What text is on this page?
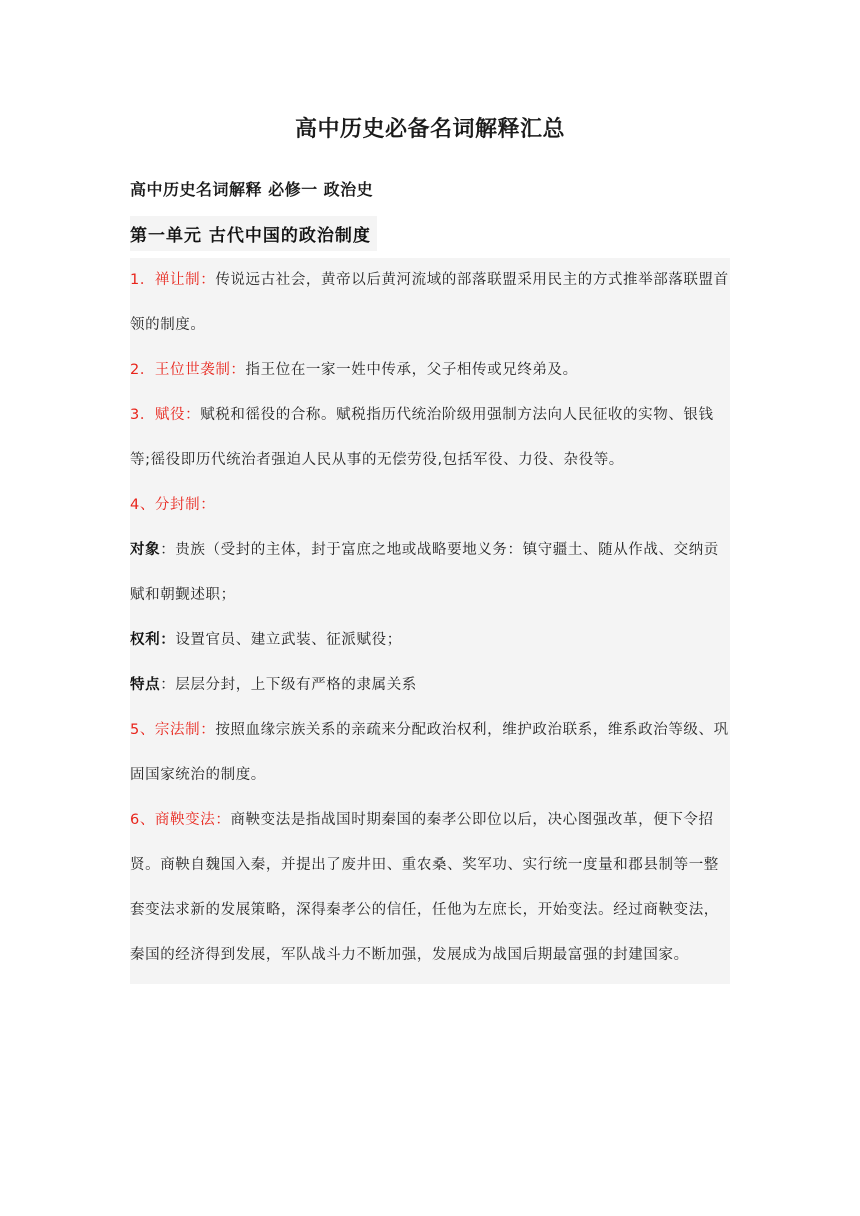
高中历史必备名词解释汇总
高中历史名词解释 必修一 政治史
第一单元 古代中国的政治制度

1．禅让制：传说远古社会，黄帝以后黄河流域的部落联盟采用民主的方式推举部落联盟首领的制度。

2．王位世袭制：指王位在一家一姓中传承，父子相传或兄终弟及。

3．赋役：赋税和徭役的合称。赋税指历代统治阶级用强制方法向人民征收的实物、银钱等;徭役即历代统治者强迫人民从事的无偿劳役,包括军役、力役、杂役等。

4、分封制：

对象：贵族（受封的主体，封于富庶之地或战略要地义务：镇守疆土、随从作战、交纳贡赋和朝觐述职；

权利：设置官员、建立武装、征派赋役；

特点：层层分封，上下级有严格的隶属关系

5、宗法制：按照血缘宗族关系的亲疏来分配政治权利，维护政治联系，维系政治等级、巩固国家统治的制度。

6、商鞅变法：商鞅变法是指战国时期秦国的秦孝公即位以后，决心图强改革，便下令招贤。商鞅自魏国入秦，并提出了废井田、重农桑、奖军功、实行统一度量和郡县制等一整套变法求新的发展策略，深得秦孝公的信任，任他为左庶长，开始变法。经过商鞅变法，秦国的经济得到发展，军队战斗力不断加强，发展成为战国后期最富强的封建国家。
